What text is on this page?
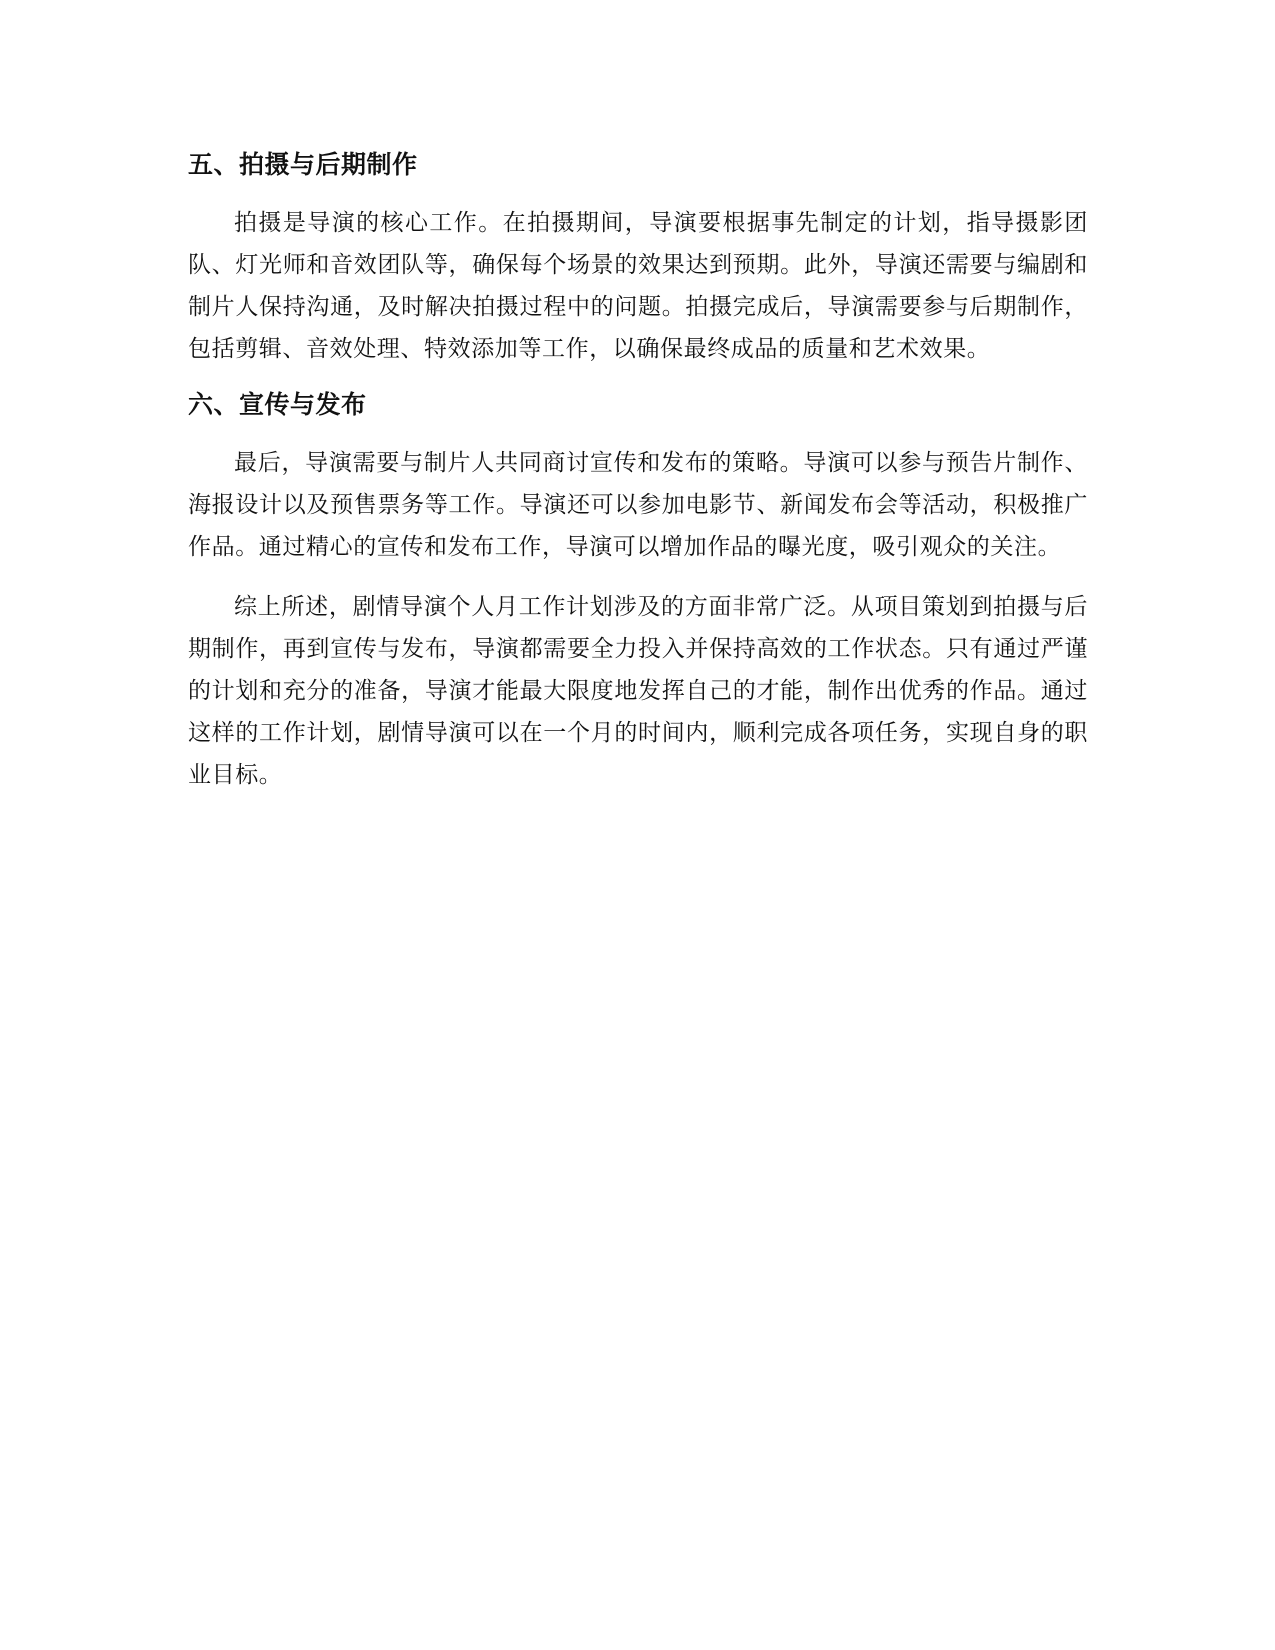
五、拍摄与后期制作

拍摄是导演的核心工作。在拍摄期间，导演要根据事先制定的计划，指导摄影团队、灯光师和音效团队等，确保每个场景的效果达到预期。此外，导演还需要与编剧和制片人保持沟通，及时解决拍摄过程中的问题。拍摄完成后，导演需要参与后期制作，包括剪辑、音效处理、特效添加等工作，以确保最终成品的质量和艺术效果。

六、宣传与发布

最后，导演需要与制片人共同商讨宣传和发布的策略。导演可以参与预告片制作、海报设计以及预售票务等工作。导演还可以参加电影节、新闻发布会等活动，积极推广作品。通过精心的宣传和发布工作，导演可以增加作品的曝光度，吸引观众的关注。

综上所述，剧情导演个人月工作计划涉及的方面非常广泛。从项目策划到拍摄与后期制作，再到宣传与发布，导演都需要全力投入并保持高效的工作状态。只有通过严谨的计划和充分的准备，导演才能最大限度地发挥自己的才能，制作出优秀的作品。通过这样的工作计划，剧情导演可以在一个月的时间内，顺利完成各项任务，实现自身的职业目标。
